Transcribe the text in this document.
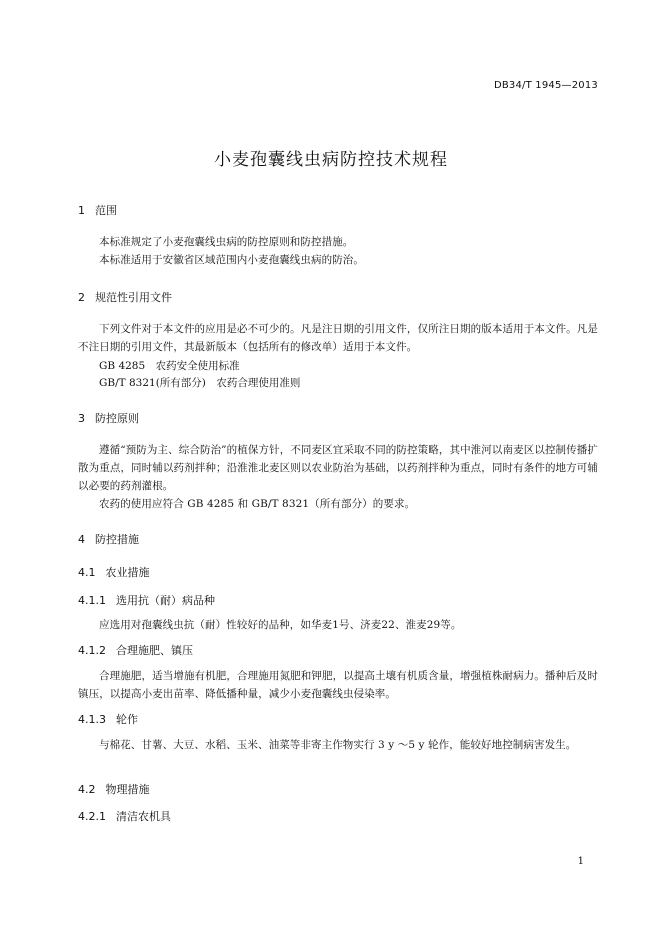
DB34/T 1945—2013
小麦孢囊线虫病防控技术规程
1 范围
本标准规定了小麦孢囊线虫病的防控原则和防控措施。
本标准适用于安徽省区域范围内小麦孢囊线虫病的防治。
2 规范性引用文件
下列文件对于本文件的应用是必不可少的。凡是注日期的引用文件，仅所注日期的版本适用于本文件。凡是不注日期的引用文件，其最新版本（包括所有的修改单）适用于本文件。
GB 4285　农药安全使用标准
GB/T 8321(所有部分)　农药合理使用准则
3 防控原则
遵循“预防为主、综合防治”的植保方针，不同麦区宜采取不同的防控策略，其中淮河以南麦区以控制传播扩散为重点，同时辅以药剂拌种；沿淮淮北麦区则以农业防治为基础，以药剂拌种为重点，同时有条件的地方可辅以必要的药剂灌根。
农药的使用应符合 GB 4285 和 GB/T 8321（所有部分）的要求。
4 防控措施
4.1 农业措施
4.1.1 选用抗（耐）病品种
应选用对孢囊线虫抗（耐）性较好的品种，如华麦1号、济麦22、淮麦29等。
4.1.2 合理施肥、镇压
合理施肥，适当增施有机肥，合理施用氮肥和钾肥，以提高土壤有机质含量，增强植株耐病力。播种后及时镇压，以提高小麦出苗率、降低播种量，减少小麦孢囊线虫侵染率。
4.1.3 轮作
与棉花、甘薯、大豆、水稻、玉米、油菜等非寄主作物实行 3 y ～5 y 轮作，能较好地控制病害发生。
4.2 物理措施
4.2.1 清洁农机具
1
